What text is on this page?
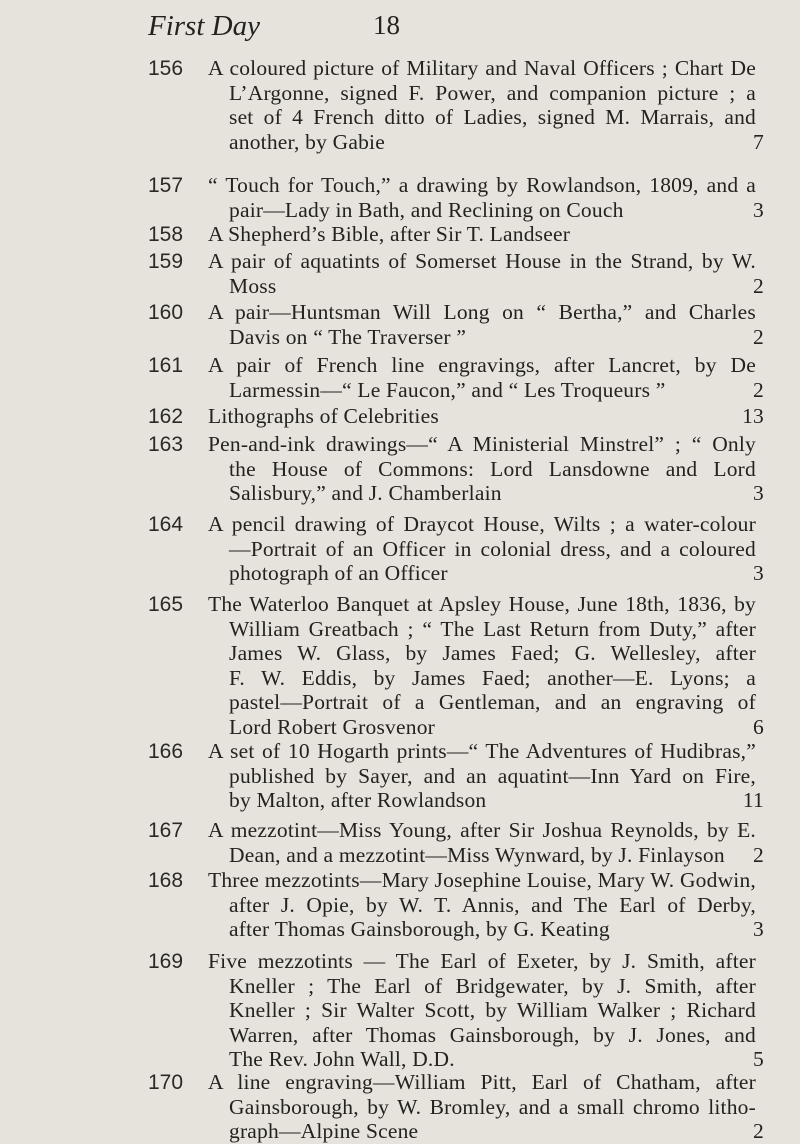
First Day	18
156	A coloured picture of Military and Naval Officers ; Chart De
L’Argonne, signed F. Power, and companion picture ; a
set of 4 French ditto of Ladies, signed M. Marrais, and
another, by Gabie	7
157	“ Touch for Touch,” a drawing by Rowlandson, 1809, and a
pair—Lady in Bath, and Reclining on Couch	3
158	A Shepherd’s Bible, after Sir T. Landseer
159	A pair of aquatints of Somerset House in the Strand, by W.
Moss	2
160	A pair—Huntsman Will Long on “ Bertha,” and Charles
Davis on “ The Traverser ”	2
161	A pair of French line engravings, after Lancret, by De
Larmessin—“ Le Faucon,” and “ Les Troqueurs ”	2
162	Lithographs of Celebrities	13
163	Pen-and-ink drawings—“ A Ministerial Minstrel” ; “ Only
the House of Commons: Lord Lansdowne and Lord
Salisbury,” and J. Chamberlain	3
164	A pencil drawing of Draycot House, Wilts ; a water-colour
—Portrait of an Officer in colonial dress, and a coloured
photograph of an Officer	3
165	The Waterloo Banquet at Apsley House, June 18th, 1836, by
William Greatbach ; “ The Last Return from Duty,” after
James W. Glass, by James Faed; G. Wellesley, after
F. W. Eddis, by James Faed; another—E. Lyons; a
pastel—Portrait of a Gentleman, and an engraving of
Lord Robert Grosvenor	6
166	A set of 10 Hogarth prints—“ The Adventures of Hudibras,”
published by Sayer, and an aquatint—Inn Yard on Fire,
by Malton, after Rowlandson	11
167	A mezzotint—Miss Young, after Sir Joshua Reynolds, by E.
Dean, and a mezzotint—Miss Wynward, by J. Finlayson 2
168	Three mezzotints—Mary Josephine Louise, Mary W. Godwin,
after J. Opie, by W. T. Annis, and The Earl of Derby,
after Thomas Gainsborough, by G. Keating	3
169	Five mezzotints — The Earl of Exeter, by J. Smith, after
Kneller ; The Earl of Bridgewater, by J. Smith, after
Kneller ; Sir Walter Scott, by William Walker ; Richard
Warren, after Thomas Gainsborough, by J. Jones, and
The Rev. John Wall, D.D.	5
170	A line engraving—William Pitt, Earl of Chatham, after
Gainsborough, by W. Bromley, and a small chromo litho-
graph—Alpine Scene	2
